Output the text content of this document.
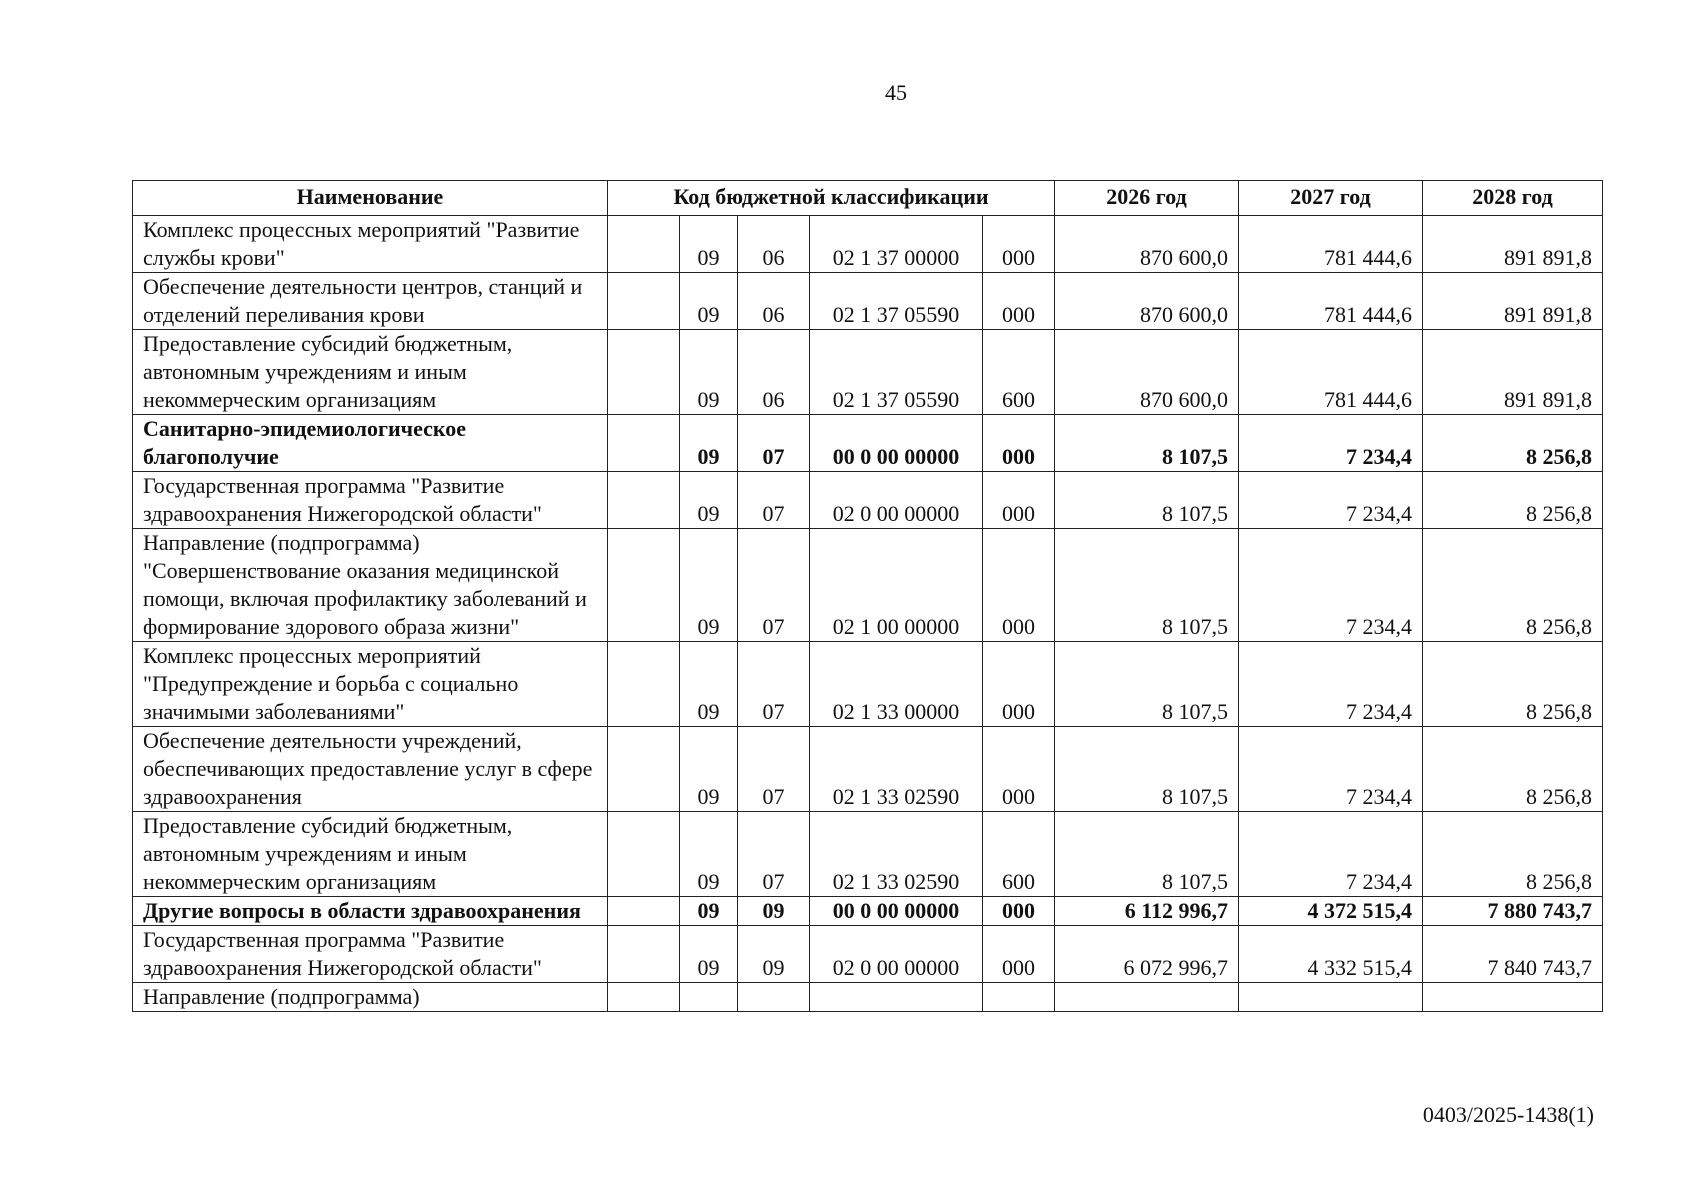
45
Наименование	Код бюджетной классификации					2026 год	2027 год	2028 год
Комплекс процессных мероприятий "Развитие службы крови"		09	06	02 1 37 00000	000	870 600,0	781 444,6	891 891,8
Обеспечение деятельности центров, станций и отделений переливания крови		09	06	02 1 37 05590	000	870 600,0	781 444,6	891 891,8
Предоставление субсидий бюджетным, автономным учреждениям и иным некоммерческим организациям		09	06	02 1 37 05590	600	870 600,0	781 444,6	891 891,8
Санитарно-эпидемиологическое благополучие		09	07	00 0 00 00000	000	8 107,5	7 234,4	8 256,8
Государственная программа "Развитие здравоохранения Нижегородской области"		09	07	02 0 00 00000	000	8 107,5	7 234,4	8 256,8
Направление (подпрограмма) "Совершенствование оказания медицинской помощи, включая профилактику заболеваний и формирование здорового образа жизни"		09	07	02 1 00 00000	000	8 107,5	7 234,4	8 256,8
Комплекс процессных мероприятий "Предупреждение и борьба с социально значимыми заболеваниями"		09	07	02 1 33 00000	000	8 107,5	7 234,4	8 256,8
Обеспечение деятельности учреждений, обеспечивающих предоставление услуг в сфере здравоохранения		09	07	02 1 33 02590	000	8 107,5	7 234,4	8 256,8
Предоставление субсидий бюджетным, автономным учреждениям и иным некоммерческим организациям		09	07	02 1 33 02590	600	8 107,5	7 234,4	8 256,8
Другие вопросы в области здравоохранения		09	09	00 0 00 00000	000	6 112 996,7	4 372 515,4	7 880 743,7
Государственная программа "Развитие здравоохранения Нижегородской области"		09	09	02 0 00 00000	000	6 072 996,7	4 332 515,4	7 840 743,7
Направление (подпрограмма)								
0403/2025-1438(1)
